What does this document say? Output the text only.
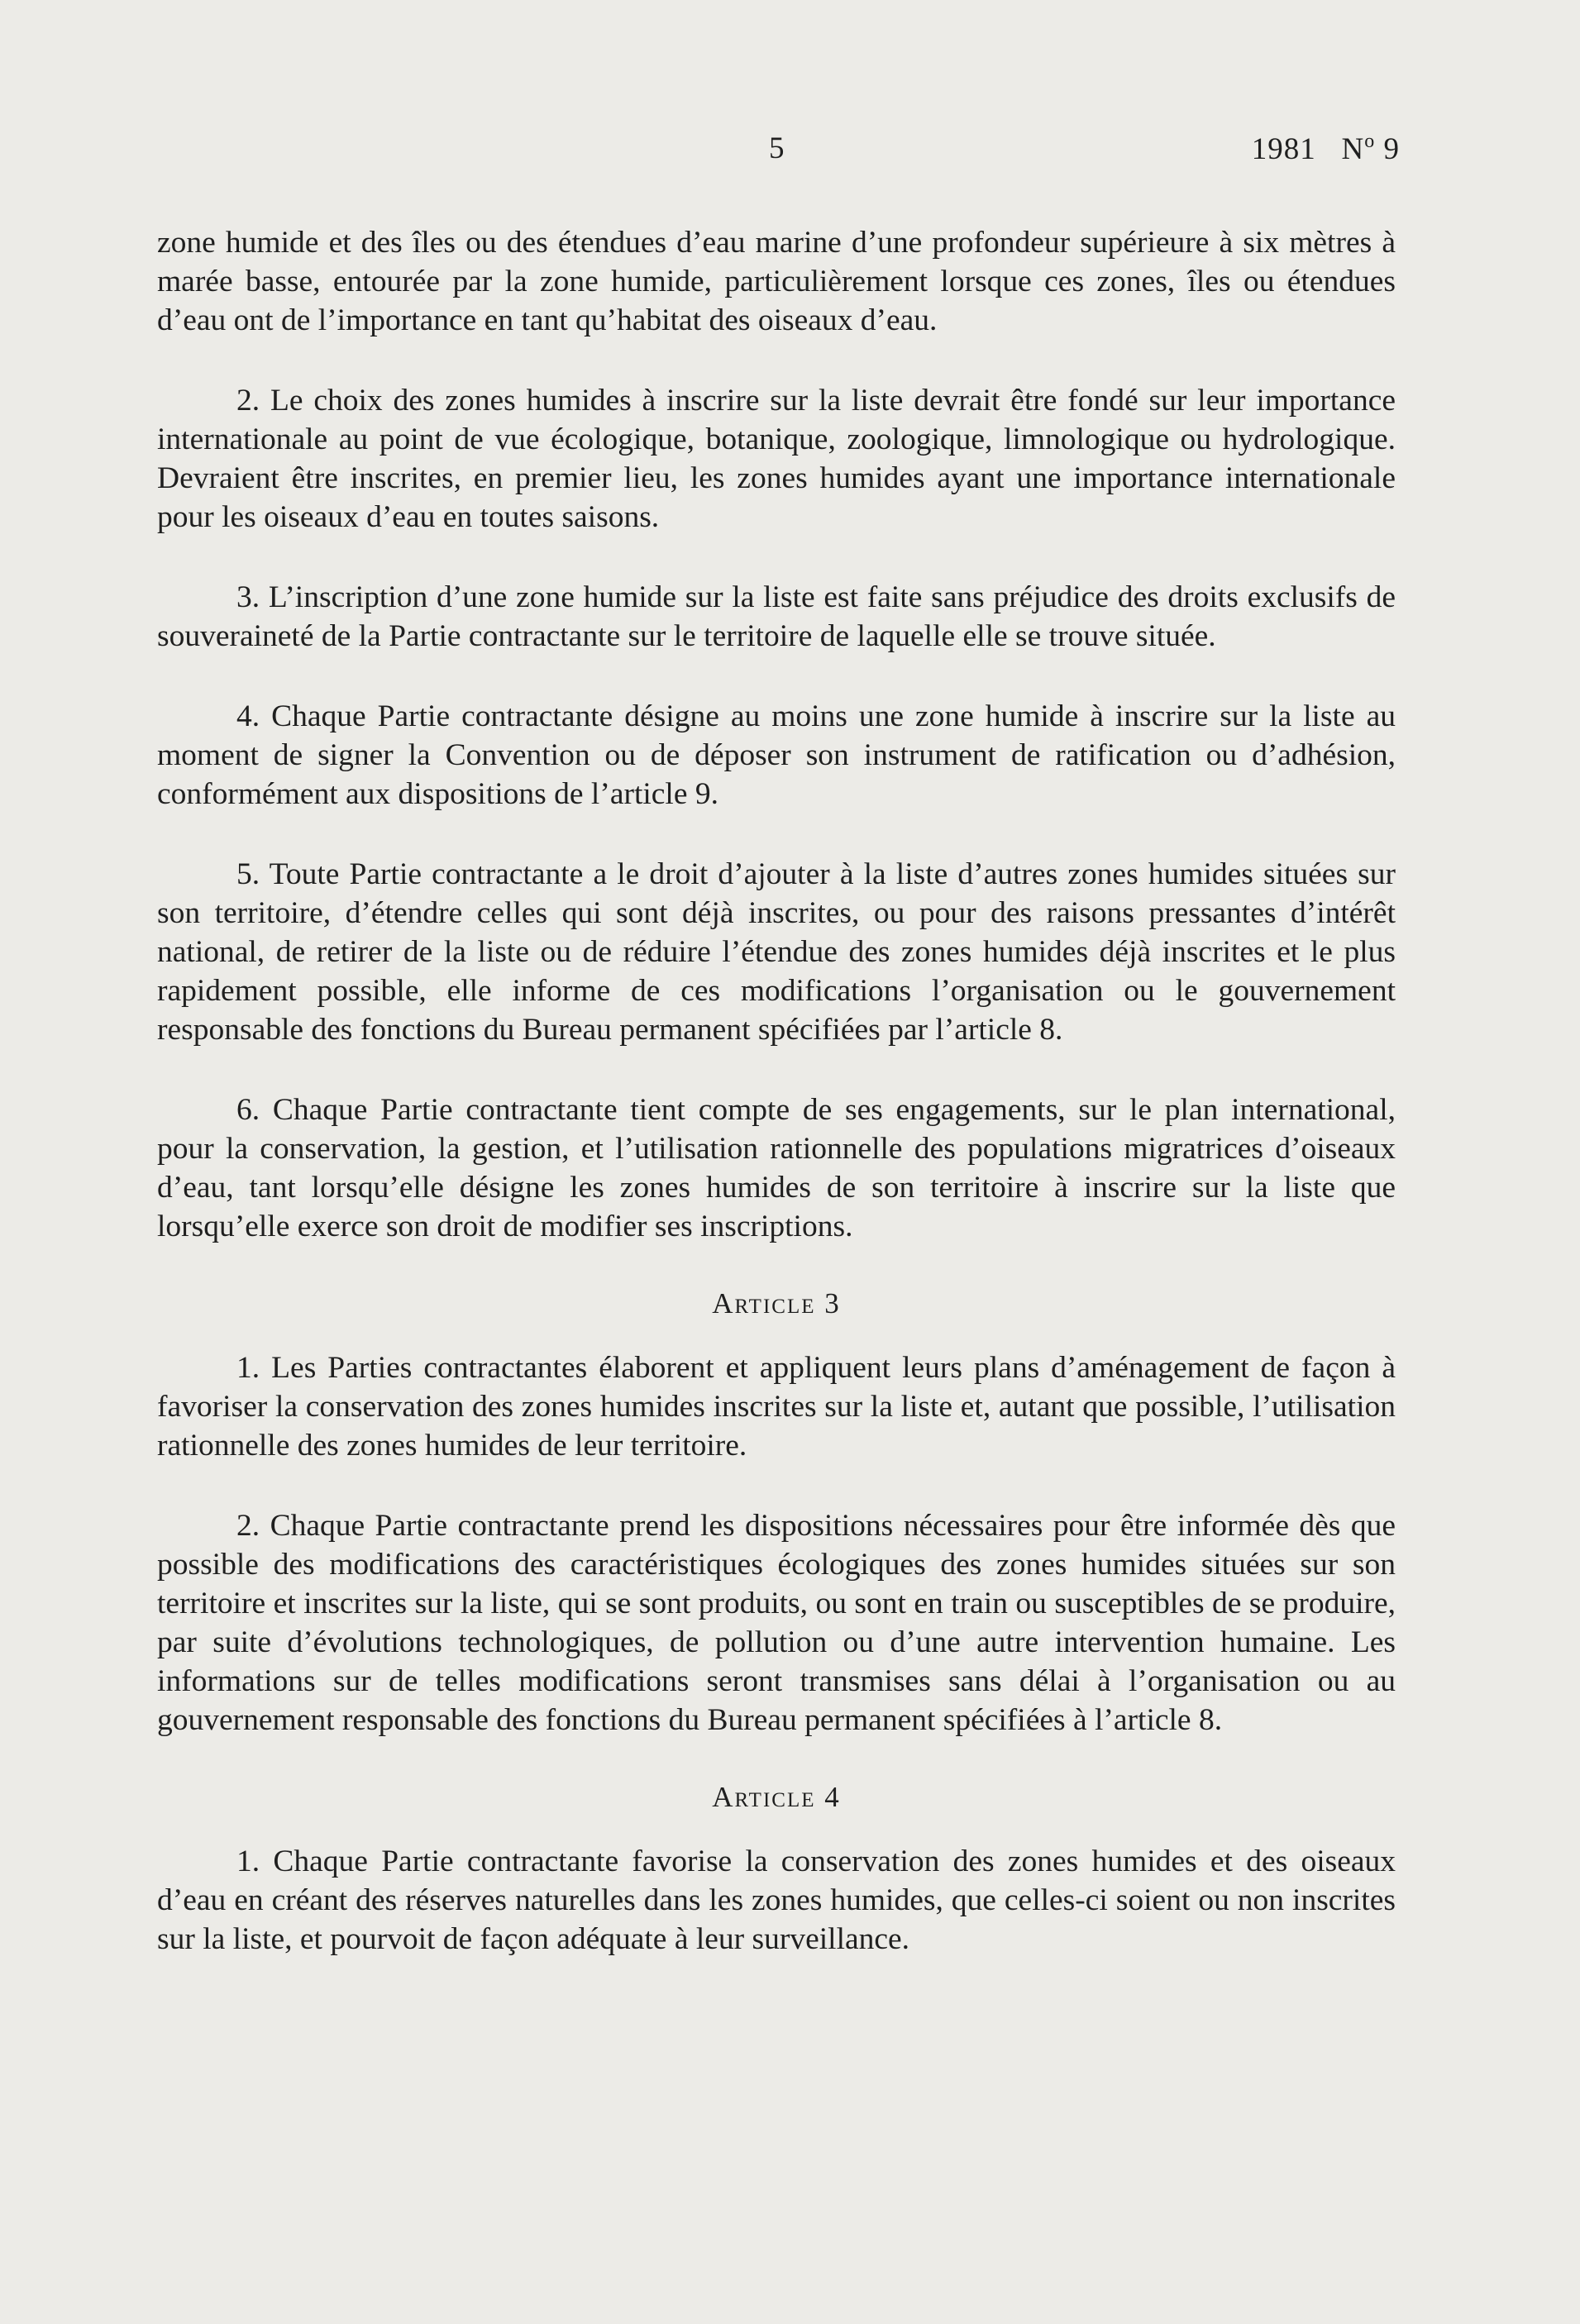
5	1981 $N^o$ 9

zone humide et des îles ou des étendues d’eau marine d’une profondeur supérieure à six mètres à marée basse, entourée par la zone humide, particulièrement lorsque ces zones, îles ou étendues d’eau ont de l’importance en tant qu’habitat des oiseaux d’eau.

2. Le choix des zones humides à inscrire sur la liste devrait être fondé sur leur importance internationale au point de vue écologique, botanique, zoologique, limnologique ou hydrologique. Devraient être inscrites, en premier lieu, les zones humides ayant une importance internationale pour les oiseaux d’eau en toutes saisons.

3. L’inscription d’une zone humide sur la liste est faite sans préjudice des droits exclusifs de souveraineté de la Partie contractante sur le territoire de laquelle elle se trouve située.

4. Chaque Partie contractante désigne au moins une zone humide à inscrire sur la liste au moment de signer la Convention ou de déposer son instrument de ratification ou d’adhésion, conformément aux dispositions de l’article 9.

5. Toute Partie contractante a le droit d’ajouter à la liste d’autres zones humides situées sur son territoire, d’étendre celles qui sont déjà inscrites, ou pour des raisons pressantes d’intérêt national, de retirer de la liste ou de réduire l’étendue des zones humides déjà inscrites et le plus rapidement possible, elle informe de ces modifications l’organisation ou le gouvernement responsable des fonctions du Bureau permanent spécifiées par l’article 8.

6. Chaque Partie contractante tient compte de ses engagements, sur le plan international, pour la conservation, la gestion, et l’utilisation rationnelle des populations migratrices d’oiseaux d’eau, tant lorsqu’elle désigne les zones humides de son territoire à inscrire sur la liste que lorsqu’elle exerce son droit de modifier ses inscriptions.

Article 3

1. Les Parties contractantes élaborent et appliquent leurs plans d’aménagement de façon à favoriser la conservation des zones humides inscrites sur la liste et, autant que possible, l’utilisation rationnelle des zones humides de leur territoire.

2. Chaque Partie contractante prend les dispositions nécessaires pour être informée dès que possible des modifications des caractéristiques écologiques des zones humides situées sur son territoire et inscrites sur la liste, qui se sont produits, ou sont en train ou susceptibles de se produire, par suite d’évolutions technologiques, de pollution ou d’une autre intervention humaine. Les informations sur de telles modifications seront transmises sans délai à l’organisation ou au gouvernement responsable des fonctions du Bureau permanent spécifiées à l’article 8.

Article 4

1. Chaque Partie contractante favorise la conservation des zones humides et des oiseaux d’eau en créant des réserves naturelles dans les zones humides, que celles-ci soient ou non inscrites sur la liste, et pourvoit de façon adéquate à leur surveillance.
